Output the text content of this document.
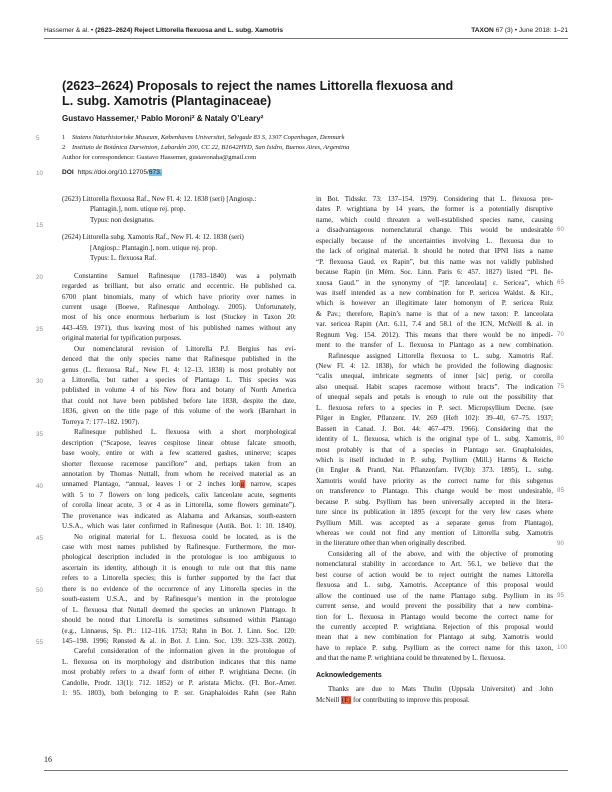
Hassemer & al. • (2623–2624) Reject Littorella flexuosa and L. subg. Xamotris	TAXON 67 (3) • June 2018: 1–21
(2623–2624) Proposals to reject the names Littorella flexuosa and
L. subg. Xamotris (Plantaginaceae)
Gustavo Hassemer,¹ Pablo Moroni² & Nataly O’Leary²
1 Statens Naturhistoriske Museum, Københavns Universitet, Sølvgade 83 S, 1307 Copenhagen, Denmark
2 Instituto de Botánica Darwinion, Labardén 200, CC 22, B1642HYD, San Isidro, Buenos Aires, Argentina
Author for correspondence: Gustavo Hassemer, gustavonaha@gmail.com
DOI https://doi.org/10.12705/673.
(2623) Littorella flexuosa Raf., New Fl. 4: 12. 1838 (seri) [Angiosp.:
Plantagin.], nom. utique rej. prop.
Typus: non designatus.
(2624) Littorella subg. Xamotris Raf., New Fl. 4: 12. 1838 (seri)
[Angiosp.: Plantagin.], nom. utique rej. prop.
Typus: L. flexuosa Raf.
Constantine Samuel Rafinesque (1783–1840) was a polymath
regarded as brilliant, but also erratic and eccentric. He published ca.
6700 plant binomials, many of which have priority over names in
current usage (Boewe, Rafinesque Anthology. 2005). Unfortunately,
most of his once enormous herbarium is lost (Stuckey in Taxon 20:
443–459. 1971), thus leaving most of his published names without any
original material for typification purposes.
Our nomenclatural revision of Littorella P.J. Bergius has evi-
denced that the only species name that Rafinesque published in the
genus (L. flexuosa Raf., New Fl. 4: 12–13. 1838) is most probably not
a Littorella, but rather a species of Plantago L. This species was
published in volume 4 of his New flora and botany of North America
that could not have been published before late 1838, despite the date,
1836, given on the title page of this volume of the work (Barnhart in
Torreya 7: 177–182. 1907).
Rafinesque published L. flexuosa with a short morphological
description (“Scapose, leaves cespitose linear obtuse falcate smooth,
base wooly, entire or with a few scattered gashes, uninerve; scapes
shorter flexuose racemose pauciflore” and, perhaps taken from an
annotation by Thomas Nuttall, from whom he received material as an
unnamed Plantago, “annual, leaves l or 2 inches long narrow, scapes
with 5 to 7 flowers on long pedicels, calix lanceolate acute, segments
of corolla linear acute, 3 or 4 as in Littorella, some flowers geminate”).
The provenance was indicated as Alabama and Arkansas, south-eastern
U.S.A., which was later confirmed in Rafinesque (Autik. Bot. 1: 10. 1840).
No original material for L. flexuosa could be located, as is the
case with most names published by Rafinesque. Furthermore, the mor-
phological description included in the protologue is too ambiguous to
ascertain its identity, although it is enough to rule out that this name
refers to a Littorella species; this is further supported by the fact that
there is no evidence of the occurrence of any Littorella species in the
south-eastern U.S.A., and by Rafinesque’s mention in the protologue
of L. flexuosa that Nuttall deemed the species an unknown Plantago. It
should be noted that Littorella is sometimes subsumed within Plantago
(e.g., Linnaeus, Sp. Pl.: 112–116. 1753; Rahn in Bot. J. Linn. Soc. 120:
145–198. 1996; Rønsted & al. in Bot. J. Linn. Soc. 139: 323–338. 2002).
Careful consideration of the information given in the protologue of
L. flexuosa on its morphology and distribution indicates that this name
most probably refers to a dwarf form of either P. wrightiana Decne. (in
Candolle, Prodr. 13(1): 712. 1852) or P. aristata Michx. (Fl. Bor.-Amer.
1: 95. 1803), both belonging to P. ser. Gnaphaloides Rahn (see Rahn
in Bot. Tidsskr. 73: 137–154. 1979). Considering that L. flexuosa pre-
dates P. wrightiana by 14 years, the former is a potentially disruptive
name, which could threaten a well-established species name, causing
a disadvantageous nomenclatural change. This would be undesirable
especially because of the uncertainties involving L. flexuosa due to
the lack of original material. It should be noted that IPNI lists a name
“P. flexuosa Gaud. ex Rapin”, but this name was not validly published
because Rapin (in Mém. Soc. Linn. Paris 6: 457. 1827) listed “Pl. fle-
xuosa Gaud.” in the synonymy of “[P. lanceolata] ε. Sericea”, which
was itself intended as a new combination for P. sericea Waldst. & Kit.,
which is however an illegitimate later homonym of P. sericea Ruiz
& Pav.; therefore, Rapin’s name is that of a new taxon: P. lanceolata
var. sericea Rapin (Art. 6.11, 7.4 and 58.1 of the ICN, McNeill & al. in
Regnum Veg. 154. 2012). This means that there would be no impedi-
ment to the transfer of L. flexuosa to Plantago as a new combination.
Rafinesque assigned Littorella flexuosa to L. subg. Xamotris Raf.
(New Fl. 4: 12. 1838), for which he provided the following diagnosis:
“calix unequal, imbricate segments of inner [sic] perig. or corolla
also unequal. Habit scapes racemose without bracts”. The indication
of unequal sepals and petals is enough to rule out the possibility that
L. flexuosa refers to a species in P. sect. Micropsyllium Decne. (see
Pilger in Engler, Pflanzenr. IV. 269 (Heft 102): 39–40, 67–75. 1937;
Bassett in Canad. J. Bot. 44: 467–479. 1966). Considering that the
identity of L. flexuosa, which is the original type of L. subg. Xamotris,
most probably is that of a species in Plantago ser. Gnaphaloides,
which is itself included in P. subg. Psyllium (Mill.) Harms & Reiche
(in Engler & Prantl, Nat. Pflanzenfam. IV(3b): 373. 1895), L. subg.
Xamotris would have priority as the correct name for this subgenus
on transference to Plantago. This change would be most undesirable,
because P. subg. Psyllium has been universally accepted in the litera-
ture since its publication in 1895 (except for the very few cases where
Psyllium Mill. was accepted as a separate genus from Plantago),
whereas we could not find any mention of Littorella subg. Xamotris
in the literature other than when originally described.
Considering all of the above, and with the objective of promoting
nomenclatural stability in accordance to Art. 56.1, we believe that the
best course of action would be to reject outright the names Littorella
flexuosa and L. subg. Xamotris. Acceptance of this proposal would
allow the continued use of the name Plantago subg. Psyllium in its
current sense, and would prevent the possibility that a new combina-
tion for L. flexuosa in Plantago would become the correct name for
the currently accepted P. wrightiana. Rejection of this proposal would
mean that a new combination for Plantago at subg. Xamotris would
have to replace P. subg. Psyllium as the correct name for this taxon,
and that the name P. wrightiana could be threatened by L. flexuosa.
Acknowledgements
Thanks are due to Mats Thulin (Uppsala Universitet) and John
McNeill (E) for contributing to improve this proposal.
5
10
15
20
25
30
35
40
45
50
55
60
65
70
75
80
85
90
95
100
16
